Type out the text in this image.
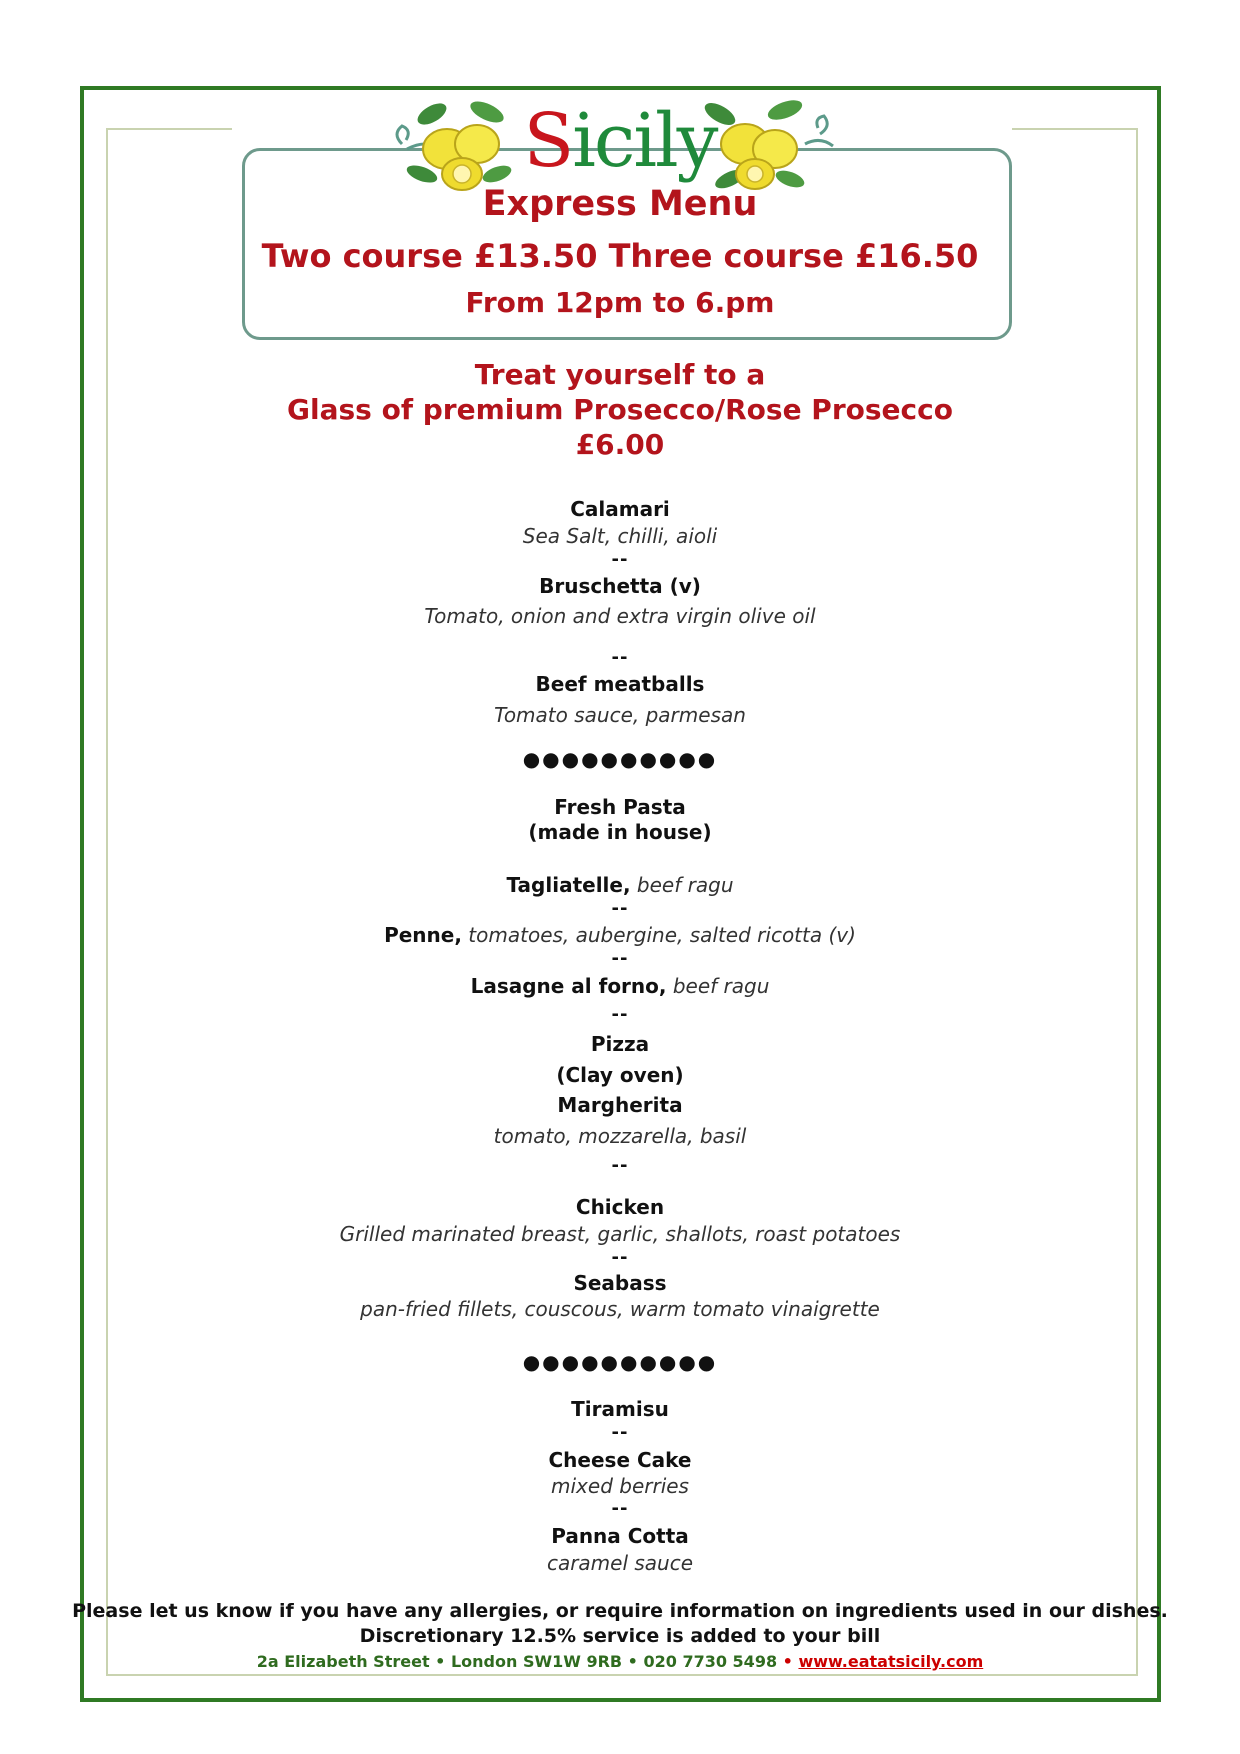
Sicily
Express Menu
Two course £13.50 Three course £16.50
From 12pm to 6.pm
Treat yourself to a
Glass of premium Prosecco/Rose Prosecco
£6.00
Calamari
Sea Salt, chilli, aioli
--
Bruschetta (v)
Tomato, onion and extra virgin olive oil
--
Beef meatballs
Tomato sauce, parmesan
●●●●●●●●●●
Fresh Pasta
(made in house)
Tagliatelle, beef ragu
--
Penne, tomatoes, aubergine, salted ricotta (v)
--
Lasagne al forno, beef ragu
--
Pizza
(Clay oven)
Margherita
tomato, mozzarella, basil
--
Chicken
Grilled marinated breast, garlic, shallots, roast potatoes
--
Seabass
pan-fried fillets, couscous, warm tomato vinaigrette
●●●●●●●●●●
Tiramisu
--
Cheese Cake
mixed berries
--
Panna Cotta
caramel sauce
Please let us know if you have any allergies, or require information on ingredients used in our dishes.
Discretionary 12.5% service is added to your bill
2a Elizabeth Street • London SW1W 9RB • 020 7730 5498 • www.eatatsicily.com
